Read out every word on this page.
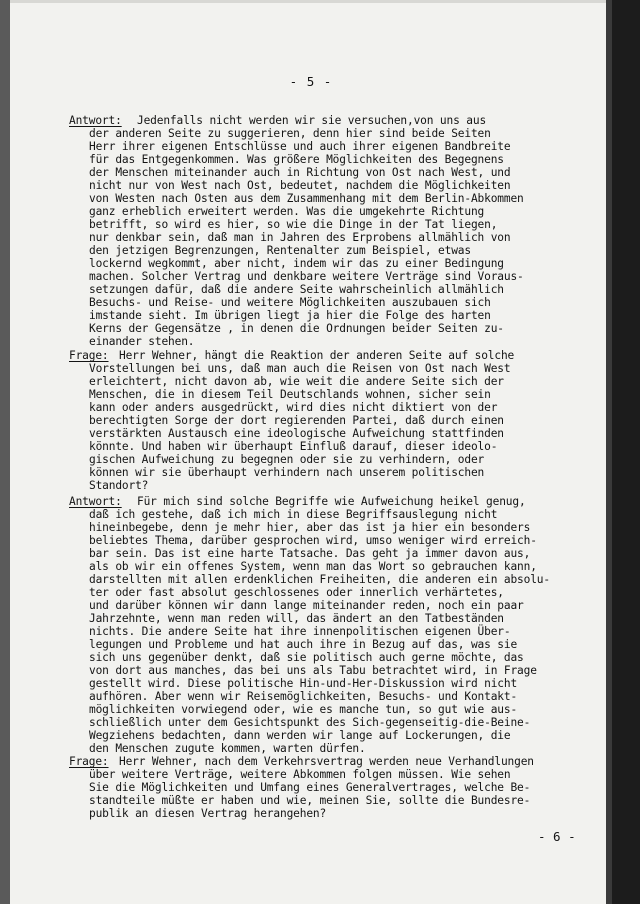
- 5 -
Antwort: Jedenfalls nicht werden wir sie versuchen,von uns aus
der anderen Seite zu suggerieren, denn hier sind beide Seiten
Herr ihrer eigenen Entschlüsse und auch ihrer eigenen Bandbreite
für das Entgegenkommen. Was größere Möglichkeiten des Begegnens
der Menschen miteinander auch in Richtung von Ost nach West, und
nicht nur von West nach Ost, bedeutet, nachdem die Möglichkeiten
von Westen nach Osten aus dem Zusammenhang mit dem Berlin-Abkommen
ganz erheblich erweitert werden. Was die umgekehrte Richtung
betrifft, so wird es hier, so wie die Dinge in der Tat liegen,
nur denkbar sein, daß man in Jahren des Erprobens allmählich von
den jetzigen Begrenzungen, Rentenalter zum Beispiel, etwas
lockernd wegkommt, aber nicht, indem wir das zu einer Bedingung
machen. Solcher Vertrag und denkbare weitere Verträge sind Voraus-
setzungen dafür, daß die andere Seite wahrscheinlich allmählich
Besuchs- und Reise- und weitere Möglichkeiten auszubauen sich
imstande sieht. Im übrigen liegt ja hier die Folge des harten
Kerns der Gegensätze , in denen die Ordnungen beider Seiten zu-
einander stehen.
Frage: Herr Wehner, hängt die Reaktion der anderen Seite auf solche
Vorstellungen bei uns, daß man auch die Reisen von Ost nach West
erleichtert, nicht davon ab, wie weit die andere Seite sich der
Menschen, die in diesem Teil Deutschlands wohnen, sicher sein
kann oder anders ausgedrückt, wird dies nicht diktiert von der
berechtigten Sorge der dort regierenden Partei, daß durch einen
verstärkten Austausch eine ideologische Aufweichung stattfinden
könnte. Und haben wir überhaupt Einfluß darauf, dieser ideolo-
gischen Aufweichung zu begegnen oder sie zu verhindern, oder
können wir sie überhaupt verhindern nach unserem politischen
Standort?
Antwort: Für mich sind solche Begriffe wie Aufweichung heikel genug,
daß ich gestehe, daß ich mich in diese Begriffsauslegung nicht
hineinbegebe, denn je mehr hier, aber das ist ja hier ein besonders
beliebtes Thema, darüber gesprochen wird, umso weniger wird erreich-
bar sein. Das ist eine harte Tatsache. Das geht ja immer davon aus,
als ob wir ein offenes System, wenn man das Wort so gebrauchen kann,
darstellten mit allen erdenklichen Freiheiten, die anderen ein absolu-
ter oder fast absolut geschlossenes oder innerlich verhärtetes,
und darüber können wir dann lange miteinander reden, noch ein paar
Jahrzehnte, wenn man reden will, das ändert an den Tatbeständen
nichts. Die andere Seite hat ihre innenpolitischen eigenen Über-
legungen und Probleme und hat auch ihre in Bezug auf das, was sie
sich uns gegenüber denkt, daß sie politisch auch gerne möchte, das
von dort aus manches, das bei uns als Tabu betrachtet wird, in Frage
gestellt wird. Diese politische Hin-und-Her-Diskussion wird nicht
aufhören. Aber wenn wir Reisemöglichkeiten, Besuchs- und Kontakt-
möglichkeiten vorwiegend oder, wie es manche tun, so gut wie aus-
schließlich unter dem Gesichtspunkt des Sich-gegenseitig-die-Beine-
Wegziehens bedachten, dann werden wir lange auf Lockerungen, die
den Menschen zugute kommen, warten dürfen.
Frage: Herr Wehner, nach dem Verkehrsvertrag werden neue Verhandlungen
über weitere Verträge, weitere Abkommen folgen müssen. Wie sehen
Sie die Möglichkeiten und Umfang eines Generalvertrages, welche Be-
standteile müßte er haben und wie, meinen Sie, sollte die Bundesre-
publik an diesen Vertrag herangehen?
- 6 -
